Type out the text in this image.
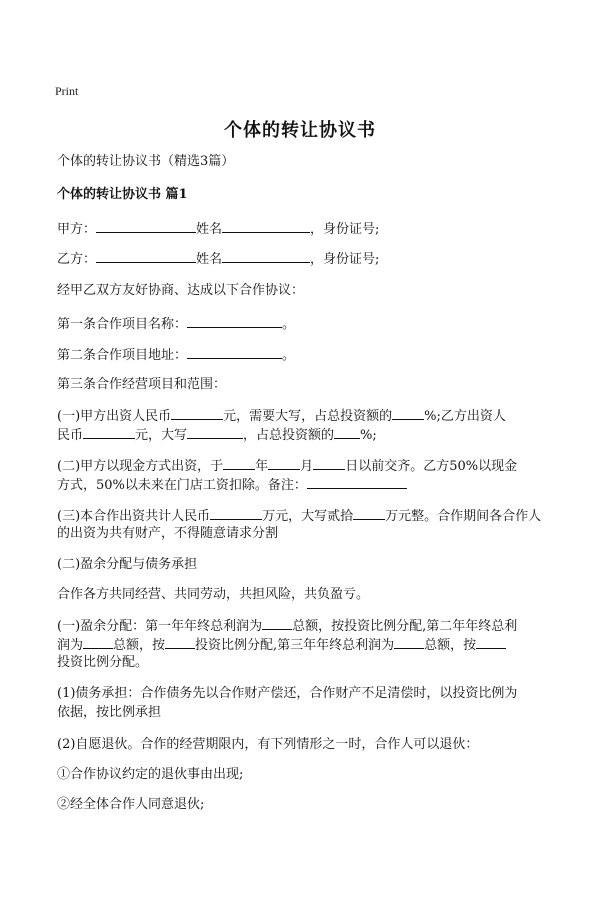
Print
个体的转让协议书
个体的转让协议书（精选3篇）
个体的转让协议书 篇1
甲方：	姓名	，身份证号;
乙方：	姓名	，身份证号;
经甲乙双方友好协商、达成以下合作协议：
第一条合作项目名称：	。
第二条合作项目地址：	。
第三条合作经营项目和范围：
(一)甲方出资人民币	元，需要大写，占总投资额的 %;乙方出资人
民币	元，大写	，占总投资额的 %;
(二)甲方以现金方式出资，于 年 月 日以前交齐。乙方50%以现金
方式，50%以未来在门店工资扣除。备注：
(三)本合作出资共计人民币	万元，大写贰拾 万元整。合作期间各合作人
的出资为共有财产，不得随意请求分割
(二)盈余分配与债务承担
合作各方共同经营、共同劳动，共担风险，共负盈亏。
(一)盈余分配：第一年年终总利润为 总额，按投资比例分配,第二年年终总利
润为 总额，按 投资比例分配,第三年年终总利润为 总额，按
投资比例分配。
(1)债务承担：合作债务先以合作财产偿还，合作财产不足清偿时，以投资比例为
依据，按比例承担
(2)自愿退伙。合作的经营期限内，有下列情形之一时，合作人可以退伙：
①合作协议约定的退伙事由出现;
②经全体合作人同意退伙;
